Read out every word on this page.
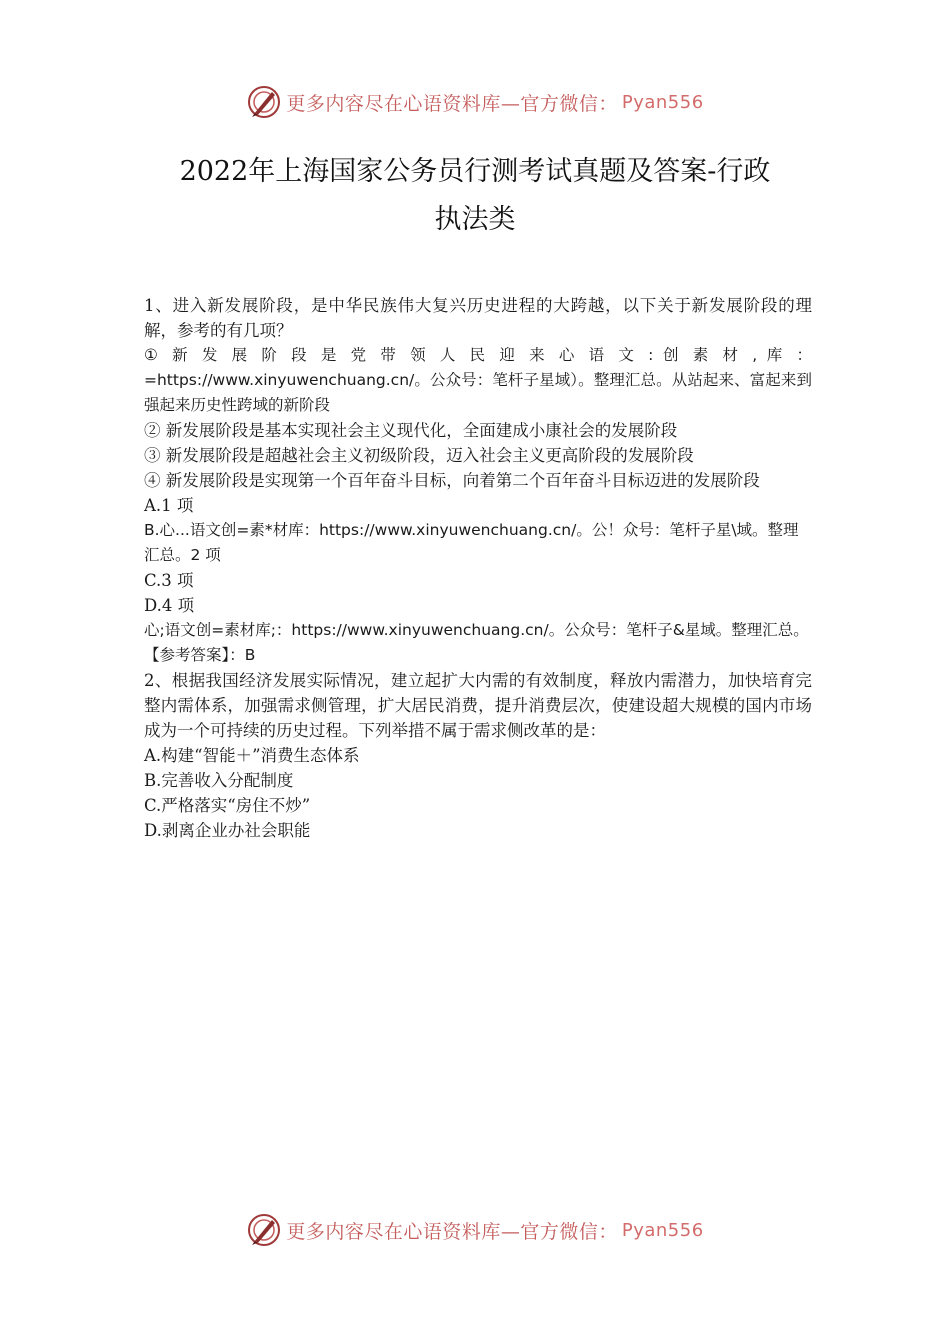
更多内容尽在心语资料库—官方微信： Pyan556
2022年上海国家公务员行测考试真题及答案-行政
执法类

1、进入新发展阶段，是中华民族伟大复兴历史进程的大跨越，以下关于新发展阶段的理解，参考的有几项？

① 新 发 展 阶 段 是 党 带 领 人 民 迎 来 心 语 文 : 创 素 材 , 库 ： =https://www.xinyuwenchuang.cn/。公众号：笔杆子星域）。整理汇总。从站起来、富起来到强起来历史性跨域的新阶段

② 新发展阶段是基本实现社会主义现代化，全面建成小康社会的发展阶段

③ 新发展阶段是超越社会主义初级阶段，迈入社会主义更高阶段的发展阶段

④ 新发展阶段是实现第一个百年奋斗目标，向着第二个百年奋斗目标迈进的发展阶段

A.1 项

B.心...语文创=素*材库：https://www.xinyuwenchuang.cn/。公！众号：笔杆子星\域。整理汇总。2 项

C.3 项

D.4 项

心;语文创=素材库;：https://www.xinyuwenchuang.cn/。公众号：笔杆子&星域。整理汇总。【参考答案】：B

2、根据我国经济发展实际情况，建立起扩大内需的有效制度，释放内需潜力，加快培育完整内需体系，加强需求侧管理，扩大居民消费，提升消费层次，使建设超大规模的国内市场成为一个可持续的历史过程。下列举措不属于需求侧改革的是：

A.构建“智能＋”消费生态体系

B.完善收入分配制度

C.严格落实“房住不炒”

D.剥离企业办社会职能

更多内容尽在心语资料库—官方微信： Pyan556
